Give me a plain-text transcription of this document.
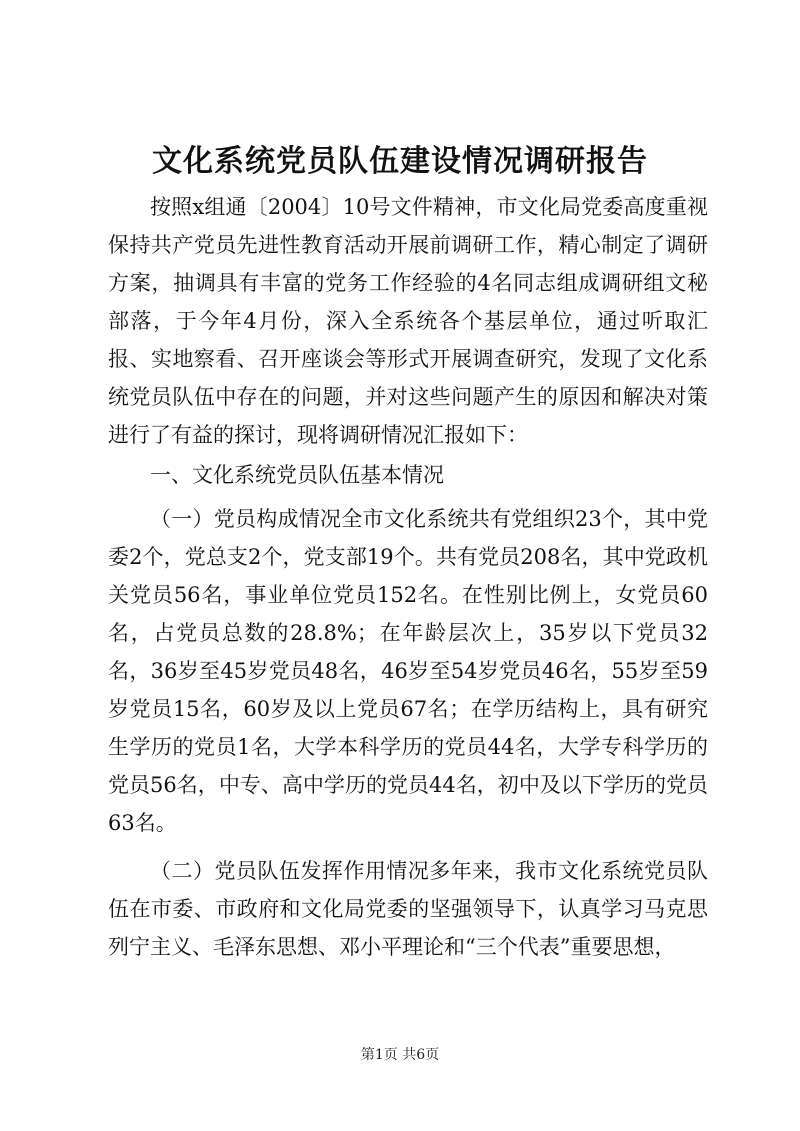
文化系统党员队伍建设情况调研报告

按照x组通〔2004〕10号文件精神，市文化局党委高度重视保持共产党员先进性教育活动开展前调研工作，精心制定了调研方案，抽调具有丰富的党务工作经验的4名同志组成调研组文秘部落，于今年4月份，深入全系统各个基层单位，通过听取汇报、实地察看、召开座谈会等形式开展调查研究，发现了文化系统党员队伍中存在的问题，并对这些问题产生的原因和解决对策进行了有益的探讨，现将调研情况汇报如下：

一、文化系统党员队伍基本情况

（一）党员构成情况全市文化系统共有党组织23个，其中党委2个，党总支2个，党支部19个。共有党员208名，其中党政机关党员56名，事业单位党员152名。在性别比例上，女党员60名，占党员总数的28.8%；在年龄层次上，35岁以下党员32名，36岁至45岁党员48名，46岁至54岁党员46名，55岁至59岁党员15名，60岁及以上党员67名；在学历结构上，具有研究生学历的党员1名，大学本科学历的党员44名，大学专科学历的党员56名，中专、高中学历的党员44名，初中及以下学历的党员63名。

（二）党员队伍发挥作用情况多年来，我市文化系统党员队伍在市委、市政府和文化局党委的坚强领导下，认真学习马克思列宁主义、毛泽东思想、邓小平理论和“三个代表”重要思想，

第1页 共6页
